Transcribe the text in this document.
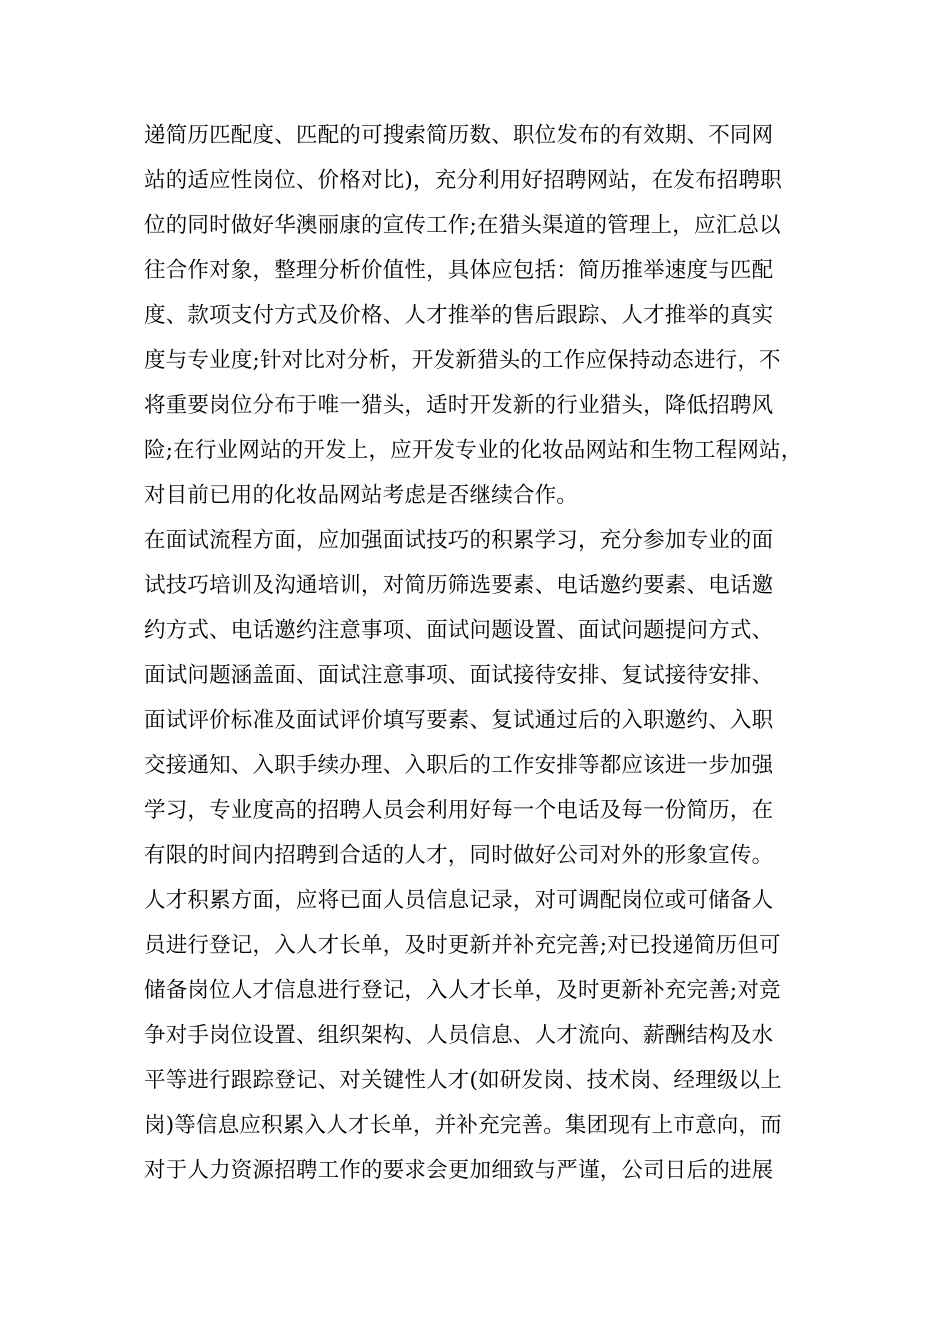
递简历匹配度、匹配的可搜索简历数、职位发布的有效期、不同网
站的适应性岗位、价格对比)，充分利用好招聘网站，在发布招聘职
位的同时做好华澳丽康的宣传工作;在猎头渠道的管理上，应汇总以
往合作对象，整理分析价值性，具体应包括：简历推举速度与匹配
度、款项支付方式及价格、人才推举的售后跟踪、人才推举的真实
度与专业度;针对比对分析，开发新猎头的工作应保持动态进行，不
将重要岗位分布于唯一猎头，适时开发新的行业猎头，降低招聘风
险;在行业网站的开发上，应开发专业的化妆品网站和生物工程网站，
对目前已用的化妆品网站考虑是否继续合作。
在面试流程方面，应加强面试技巧的积累学习，充分参加专业的面
试技巧培训及沟通培训，对简历筛选要素、电话邀约要素、电话邀
约方式、电话邀约注意事项、面试问题设置、面试问题提问方式、
面试问题涵盖面、面试注意事项、面试接待安排、复试接待安排、
面试评价标准及面试评价填写要素、复试通过后的入职邀约、入职
交接通知、入职手续办理、入职后的工作安排等都应该进一步加强
学习，专业度高的招聘人员会利用好每一个电话及每一份简历，在
有限的时间内招聘到合适的人才，同时做好公司对外的形象宣传。
人才积累方面，应将已面人员信息记录，对可调配岗位或可储备人
员进行登记，入人才长单，及时更新并补充完善;对已投递简历但可
储备岗位人才信息进行登记，入人才长单，及时更新补充完善;对竞
争对手岗位设置、组织架构、人员信息、人才流向、薪酬结构及水
平等进行跟踪登记、对关键性人才(如研发岗、技术岗、经理级以上
岗)等信息应积累入人才长单，并补充完善。集团现有上市意向，而
对于人力资源招聘工作的要求会更加细致与严谨，公司日后的进展
